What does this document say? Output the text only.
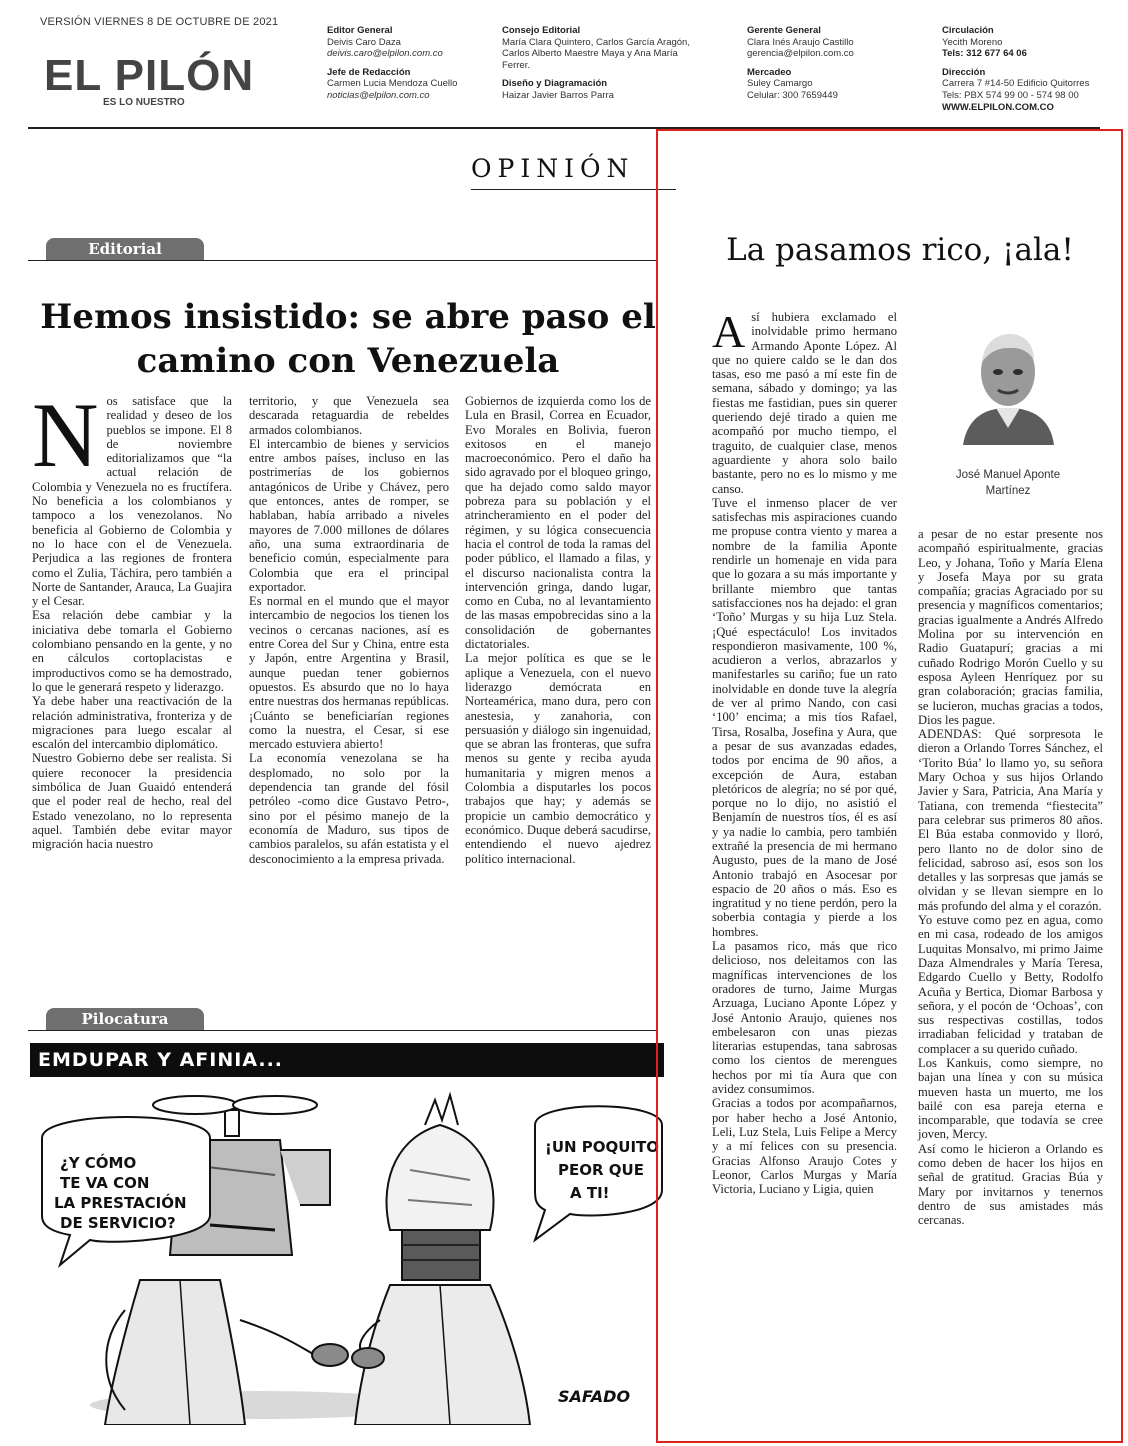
VERSIÓN VIERNES 8 DE OCTUBRE DE 2021
EL PILÓN
ES LO NUESTRO
Editor General
Deivis Caro Daza
deivis.caro@elpilon.com.co
Jefe de Redacción
Carmen Lucia Mendoza Cuello
noticias@elpilon.com.co
Consejo Editorial
María Clara Quintero, Carlos García Aragón,
Carlos Alberto Maestre Maya y Ana María
Ferrer.
Diseño y Diagramación
Haizar Javier Barros Parra
Gerente General
Clara Inés Araujo Castillo
gerencia@elpilon.com.co
Mercadeo
Suley Camargo
Celular: 300 7659449
Circulación
Yecith Moreno
Tels: 312 677 64 06
Dirección
Carrera 7 #14-50 Edificio Quitorres
Tels: PBX 574 99 00 - 574 98 00
WWW.ELPILON.COM.CO
OPINIÓN
Editorial
Hemos insistido: se abre paso el camino con Venezuela

Nos satisface que la realidad y deseo de los pueblos se impone. El 8 de noviembre editorializamos que “la actual relación de Colombia y Venezuela no es fructífera. No beneficia a los colombianos y tampoco a los venezolanos. No beneficia al Gobierno de Colombia y no lo hace con el de Venezuela. Perjudica a las regiones de frontera como el Zulia, Táchira, pero también a Norte de Santander, Arauca, La Guajira y el Cesar.

Esa relación debe cambiar y la iniciativa debe tomarla el Gobierno colombiano pensando en la gente, y no en cálculos cortoplacistas e improductivos como se ha demostrado, lo que le generará respeto y liderazgo.

Ya debe haber una reactivación de la relación administrativa, fronteriza y de migraciones para luego escalar al escalón del intercambio diplomático.

Nuestro Gobierno debe ser realista. Si quiere reconocer la presidencia simbólica de Juan Guaidó entenderá que el poder real de hecho, real del Estado venezolano, no lo representa aquel. También debe evitar mayor migración hacia nuestro

territorio, y que Venezuela sea descarada retaguardia de rebeldes armados colombianos.

El intercambio de bienes y servicios entre ambos países, incluso en las postrimerías de los gobiernos antagónicos de Uribe y Chávez, pero que entonces, antes de romper, se hablaban, había arribado a niveles mayores de 7.000 millones de dólares año, una suma extraordinaria de beneficio común, especialmente para Colombia que era el principal exportador.

Es normal en el mundo que el mayor intercambio de negocios los tienen los vecinos o cercanas naciones, así es entre Corea del Sur y China, entre esta y Japón, entre Argentina y Brasil, aunque puedan tener gobiernos opuestos. Es absurdo que no lo haya entre nuestras dos hermanas repúblicas. ¡Cuánto se beneficiarían regiones como la nuestra, el Cesar, si ese mercado estuviera abierto!

La economía venezolana se ha desplomado, no solo por la dependencia tan grande del fósil petróleo -como dice Gustavo Petro-, sino por el pésimo manejo de la economía de Maduro, sus tipos de cambios paralelos, su afán estatista y el desconocimiento a la empresa privada.

Gobiernos de izquierda como los de Lula en Brasil, Correa en Ecuador, Evo Morales en Bolivia, fueron exitosos en el manejo macroeconómico. Pero el daño ha sido agravado por el bloqueo gringo, que ha dejado como saldo mayor pobreza para su población y el atrincheramiento en el poder del régimen, y su lógica consecuencia hacia el control de toda la ramas del poder público, el llamado a filas, y el discurso nacionalista contra la intervención gringa, dando lugar, como en Cuba, no al levantamiento de las masas empobrecidas sino a la consolidación de gobernantes dictatoriales.

La mejor política es que se le aplique a Venezuela, con el nuevo liderazgo demócrata en Norteamérica, mano dura, pero con anestesia, y zanahoria, con persuasión y diálogo sin ingenuidad, que se abran las fronteras, que sufra menos su gente y reciba ayuda humanitaria y migren menos a Colombia a disputarles los pocos trabajos que hay; y además se propicie un cambio democrático y económico. Duque deberá sacudirse, entendiendo el nuevo ajedrez político internacional.

Pilocatura
EMDUPAR Y AFINIA...
¿Y CÓMO
TE VA CON
LA PRESTACIÓN
DE SERVICIO?
¡UN POQUITO
PEOR QUE
A TI!
SAFADO
La pasamos rico, ¡ala!

Así hubiera exclamado el inolvidable primo hermano Armando Aponte López. Al que no quiere caldo se le dan dos tasas, eso me pasó a mí este fin de semana, sábado y domingo; ya las fiestas me fastidian, pues sin querer queriendo dejé tirado a quien me acompañó por mucho tiempo, el traguito, de cualquier clase, menos aguardiente y ahora solo bailo bastante, pero no es lo mismo y me canso.

Tuve el inmenso placer de ver satisfechas mis aspiraciones cuando me propuse contra viento y marea a nombre de la familia Aponte rendirle un homenaje en vida para que lo gozara a su más importante y brillante miembro que tantas satisfacciones nos ha dejado: el gran ‘Toño’ Murgas y su hija Luz Stela. ¡Qué espectáculo! Los invitados respondieron masivamente, 100 %, acudieron a verlos, abrazarlos y manifestarles su cariño; fue un rato inolvidable en donde tuve la alegría de ver al primo Nando, con casi ‘100’ encima; a mis tíos Rafael, Tirsa, Rosalba, Josefina y Aura, que a pesar de sus avanzadas edades, todos por encima de 90 años, a excepción de Aura, estaban pletóricos de alegría; no sé por qué, porque no lo dijo, no asistió el Benjamín de nuestros tíos, él es así y ya nadie lo cambia, pero también extrañé la presencia de mi hermano Augusto, pues de la mano de José Antonio trabajó en Asocesar por espacio de 20 años o más. Eso es ingratitud y no tiene perdón, pero la soberbia contagia y pierde a los hombres.

La pasamos rico, más que rico delicioso, nos deleitamos con las magníficas intervenciones de los oradores de turno, Jaime Murgas Arzuaga, Luciano Aponte López y José Antonio Araujo, quienes nos embelesaron con unas piezas literarias estupendas, tana sabrosas como los cientos de merengues hechos por mi tía Aura que con avidez consumimos.

Gracias a todos por acompañarnos, por haber hecho a José Antonio, Leli, Luz Stela, Luis Felipe a Mercy y a mí felices con su presencia. Gracias Alfonso Araujo Cotes y Leonor, Carlos Murgas y María Victoria, Luciano y Ligia, quien

José Manuel Aponte
Martínez

a pesar de no estar presente nos acompañó espiritualmente, gracias Leo, y Johana, Toño y María Elena y Josefa Maya por su grata compañía; gracias Agraciado por su presencia y magníficos comentarios; gracias igualmente a Andrés Alfredo Molina por su intervención en Radio Guatapurí; gracias a mi cuñado Rodrigo Morón Cuello y su esposa Ayleen Henríquez por su gran colaboración; gracias familia, se lucieron, muchas gracias a todos, Dios les pague.

ADENDAS: Qué sorpresota le dieron a Orlando Torres Sánchez, el ‘Torito Búa’ lo llamo yo, su señora Mary Ochoa y sus hijos Orlando Javier y Sara, Patricia, Ana María y Tatiana, con tremenda “fiestecita” para celebrar sus primeros 80 años. El Búa estaba conmovido y lloró, pero llanto no de dolor sino de felicidad, sabroso así, esos son los detalles y las sorpresas que jamás se olvidan y se llevan siempre en lo más profundo del alma y el corazón.

Yo estuve como pez en agua, como en mi casa, rodeado de los amigos Luquitas Monsalvo, mi primo Jaime Daza Almendrales y María Teresa, Edgardo Cuello y Betty, Rodolfo Acuña y Bertica, Diomar Barbosa y señora, y el pocón de ‘Ochoas’, con sus respectivas costillas, todos irradiaban felicidad y trataban de complacer a su querido cuñado.

Los Kankuis, como siempre, no bajan una línea y con su música mueven hasta un muerto, me los bailé con esa pareja eterna e incomparable, que todavía se cree joven, Mercy.

Así como le hicieron a Orlando es como deben de hacer los hijos en señal de gratitud. Gracias Búa y Mary por invitarnos y tenernos dentro de sus amistades más cercanas.
